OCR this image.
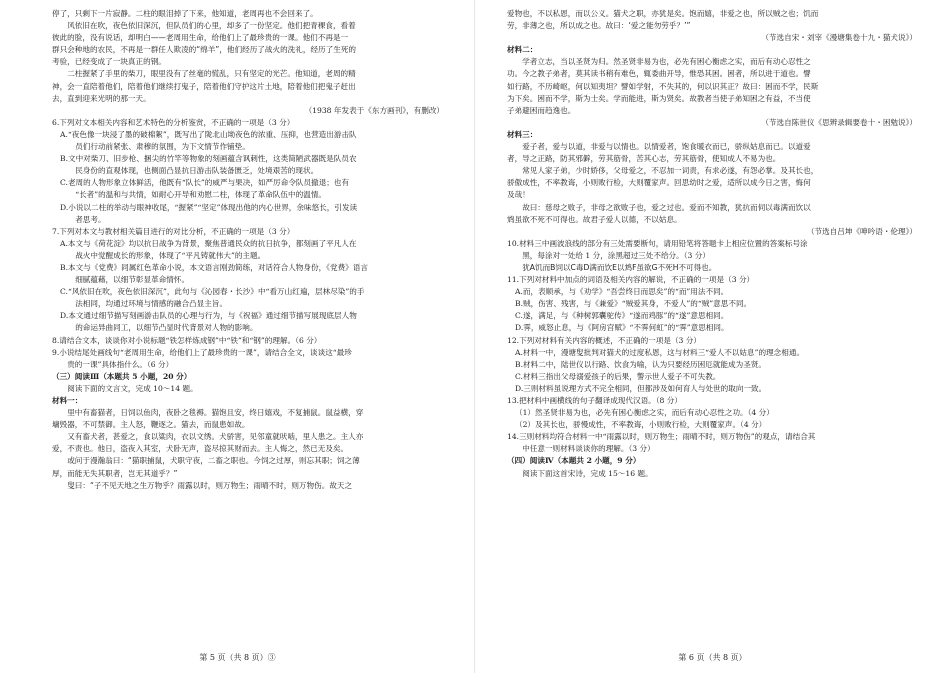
停了，只剩下一片寂静。二柱的眼泪掉了下来，他知道，老周再也不会回来了。

风依旧在吹，夜色依旧深沉，但队员们的心里，却多了一份坚定。他们把青稞食，看着

彼此的脸，没有说话，却明白——老周用生命，给他们上了最珍贵的一课。他们不再是一

群只会种地的农民，不再是一群任人欺凌的“绵羊”，他们经历了战火的洗礼，经历了生死的

考验，已经变成了一块真正的钢。

二柱握紧了手里的柴刀，眼里没有了丝毫的慌乱，只有坚定的光芒。他知道，老周的精

神，会一直陪着他们，陪着他们继续打鬼子，陪着他们守护这片土地，陪着他们把鬼子赶出

去，直到迎来光明的那一天。

（1938 年发表于《东方画刊》，有删改）

6.下列对文本相关内容和艺术特色的分析鉴赏，不正确的一项是（3 分）

A.“夜色像一块浸了墨的破棉絮”，既写出了陇北山坳夜色的浓重、压抑，也营造出游击队

员们行动前紧张、肃穆的氛围，为下文情节作铺垫。

B.文中对柴刀、旧步枪、捆尖的竹竿等物象的刻画蕴含讽刺性，这类简陋武器既是队员农

民身份的直观体现，也侧面凸显抗日游击队装备匮乏，处境艰苦的现状。

C.老周的人物形象立体鲜活，他既有“队长”的威严与果决，如严厉命令队员撤退；也有

“长者”的温和与共情，如耐心开导和劝慰二柱，体现了革命队伍中的温情。

D.小说以二柱的举动与眼神收尾，“握紧”“坚定”体现出他的内心世界，余味悠长，引发读

者思考。

7.下列对本文与教材相关篇目进行的对比分析，不正确的一项是（3 分）

A.本文与《荷花淀》均以抗日战争为背景，聚焦普通民众的抗日抗争，都刻画了平凡人在

战火中觉醒成长的形象，体现了“平凡铸就伟大”的主题。

B.本文与《党费》同属红色革命小说，本文语言刚劲简练，对话符合人物身份，《党费》语言

细腻蕴藉，以细节彰显革命情怀。

C.“风依旧在吹，夜色依旧深沉”，此句与《沁园春・长沙》中“看万山红遍，层林尽染”的手

法相同，均通过环境与情感的融合凸显主旨。

D.本文通过细节描写刻画游击队员的心理与行为，与《祝福》通过细节描写展现底层人物

的命运异曲同工，以细节凸显时代背景对人物的影响。

8.请结合文本，谈谈你对小说标题“铁怎样炼成钢”中“铁”和“钢”的理解。（6 分）

9.小说结尾处画线句“老周用生命，给他们上了最珍贵的一课”，请结合全文，谈谈这“最珍

贵的一课”具体指什么。（6 分）

（三）阅读Ⅲ（本题共 5 小题，20 分）

阅读下面的文言文，完成 10～14 题。

材料一：

里中有畜猫者，日饲以鱼肉，夜卧之毯褥。猫饱且安，终日嬉戏，不复捕鼠。鼠益横，穿

墉毁器，不可禁御。主人怒，鞭逐之。猫去，而鼠患如故。

又有畜犬者，甚爱之，食以粱肉，衣以文绣。犬骄害，见邻童就吠啮，里人患之。主人亦

爱，不责也。他日，盗夜入其室，犬卧无声，盗尽掠其财而去。主人悔之，然已无及矣。

或问于漫瀚翁曰：“猫职捕鼠，犬职守夜，二畜之职也。今饲之过厚，则忘其职；饲之薄

厚，而能无失其职者，岂无其道乎？”

叟曰：“子不见天地之生万物乎？雨露以时，则万物生；雨晴不时，则万物伤。故天之

第 5 页（共 8 页）③

爱物也，不以私恩，而以公义。猫犬之职，亦犹是矣。饱而嬉，非爱之也，所以贼之也；饥而

劳，非薄之也，所以成之也。故曰：‘爱之能勿劳乎？’”

（节选自宋・刘宰《漫塘集卷十九・猫犬说》）

材料二：

学者立志，当以圣贤为归。然圣贤非易为也，必先有困心衡虑之实，而后有动心忍性之

功。今之教子弟者，莫其读书稍有难色，辄委曲开导，惟恐其困。困者，所以进于道也。譬

如行路，不历崎岖，何以知夷坦？譬如学射，不失其的，何以识其正？故曰：困而不学，民斯

为下矣。困而不学，斯为士矣。学而能进，斯为贤矣。故教者当使子弟知困之有益，不当使

子弟避困而趋逸也。

（节选自陈世仪《思辨录辑要卷十・困勉说》）

材料三：

爱子者，爱与以道，非爱与以情也。以情爱者，饱食暖衣而已，骄纵姑息而已。以道爱

者，导之正路，防其邪僻，劳其筋骨，苦其心志，劳其筋骨，使知成人不易为也。

常见人家子弟，少时娇侈，父母爱之，不忍加一词责，有求必遂，有怨必掌。及其长也，

骄傲成性，不率教诲，小则败行检，大则覆家声。回思幼时之爱，适所以成今日之害，悔何

及哉！

故曰：慈母之败子，非母之欲败子也，爱之过也。爱而不知教，犹抗而伺以毒满而饮以

鸩虽欲不死不可得也。故君子爱人以德，不以姑息。

（节选自吕坤《呻吟语・伦理》）

10.材料三中画波浪线的部分有三处需要断句，请用铅笔将答题卡上相应位置的答案标号涂

黑，每涂对一处给 1 分，涂黑超过三处不给分。（3 分）

犹A饥而B饲以C毒D满而饮E以鸩F虽欲G不死H不可得也。

11.下列对材料中加点的词语及相关内容的解说，不正确的一项是（3 分）

A.而，表顺承，与《劝学》“吾尝终日而思矣”的“而”用法不同。

B.贼，伤害、残害，与《兼爱》“贼爱其身，不爱人”的“贼”意思不同。

C.遂，满足，与《种树郭囊驼传》“遂而鸡豚”的“遂”意思相同。

D.霁，威怒止息，与《阿房宫赋》“不霁何虹”的“霁”意思相同。

12.下列对材料有关内容的概述，不正确的一项是（3 分）

A.材料一中，漫塘叟批判对猫犬的过度私恩，这与材料三“爱人不以姑息”的理念相通。

B.材料二中，陆世仪以行路、饮食为喻，认为只要经历困厄就能成为圣贤。

C.材料三指出父母溺爱孩子的后果，警示世人爱子不可失教。

D.三则材料虽说理方式不完全相同，但都涉及如何育人与处世的取向一致。

13.把材料中画横线的句子翻译成现代汉语。（8 分）

（1）然圣贤非易为也，必先有困心衡虑之实，而后有动心忍性之功。（4 分）

（2）及其长也，骄慢成性，不率教诲，小则败行检，大则覆家声。（4 分）

14.三则材料均符合材料一中“雨露以时，则万物生；雨晴不时，则万物伤”的观点，请结合其

中任意一则材料谈谈你的理解。（3 分）

（四）阅读Ⅳ（本题共 2 小题，9 分）

阅读下面这首宋诗，完成 15～16 题。

第 6 页（共 8 页）
